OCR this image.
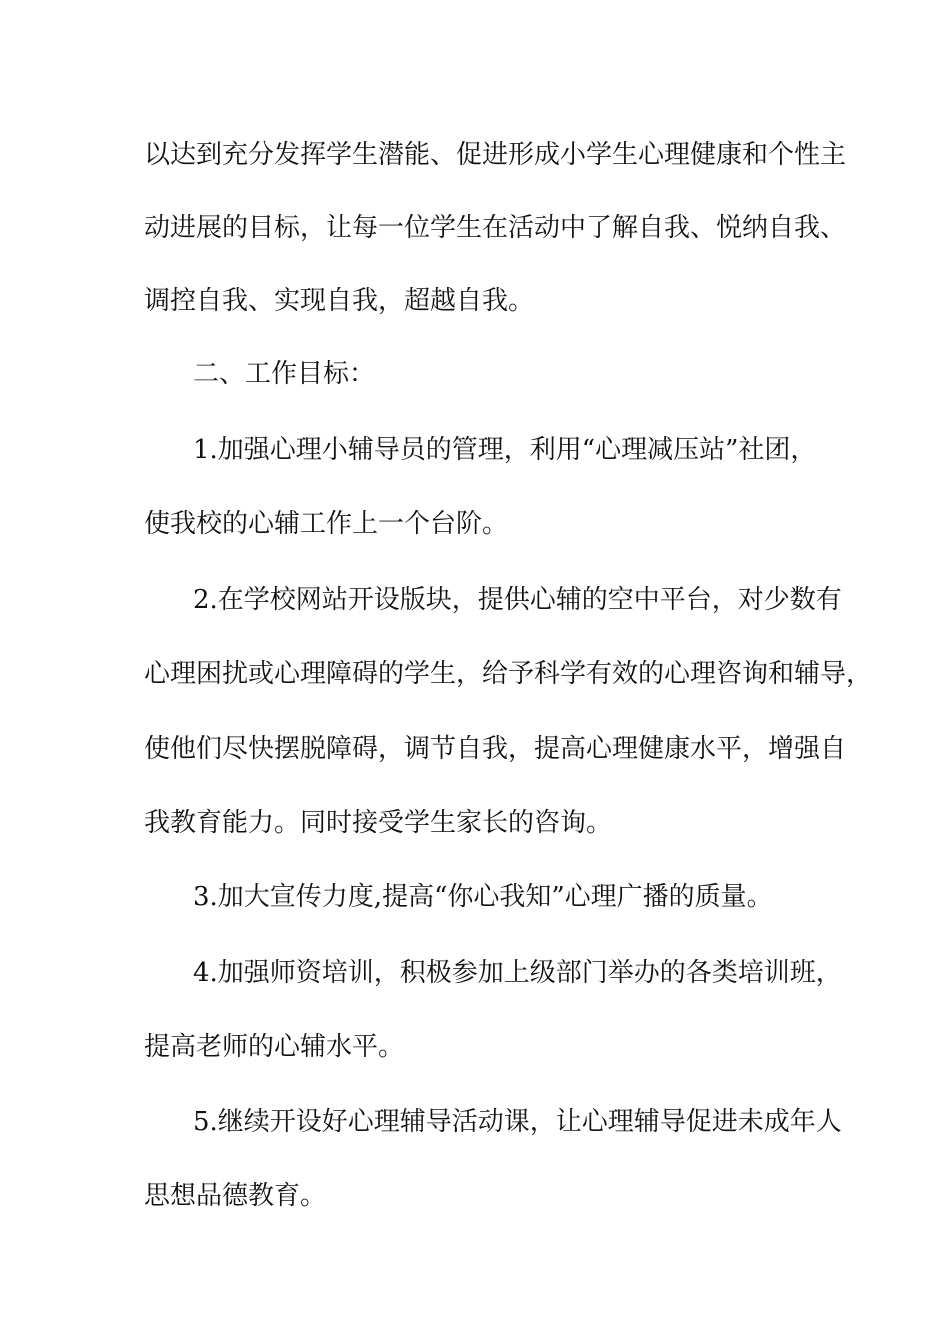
以达到充分发挥学生潜能、促进形成小学生心理健康和个性主
动进展的目标，让每一位学生在活动中了解自我、悦纳自我、
调控自我、实现自我，超越自我。
二、工作目标：
1.加强心理小辅导员的管理，利用“心理减压站”社团，
使我校的心辅工作上一个台阶。
2.在学校网站开设版块，提供心辅的空中平台，对少数有
心理困扰或心理障碍的学生，给予科学有效的心理咨询和辅导，
使他们尽快摆脱障碍，调节自我，提高心理健康水平，增强自
我教育能力。同时接受学生家长的咨询。
3.加大宣传力度,提高“你心我知”心理广播的质量。
4.加强师资培训，积极参加上级部门举办的各类培训班，
提高老师的心辅水平。
5.继续开设好心理辅导活动课，让心理辅导促进未成年人
思想品德教育。
